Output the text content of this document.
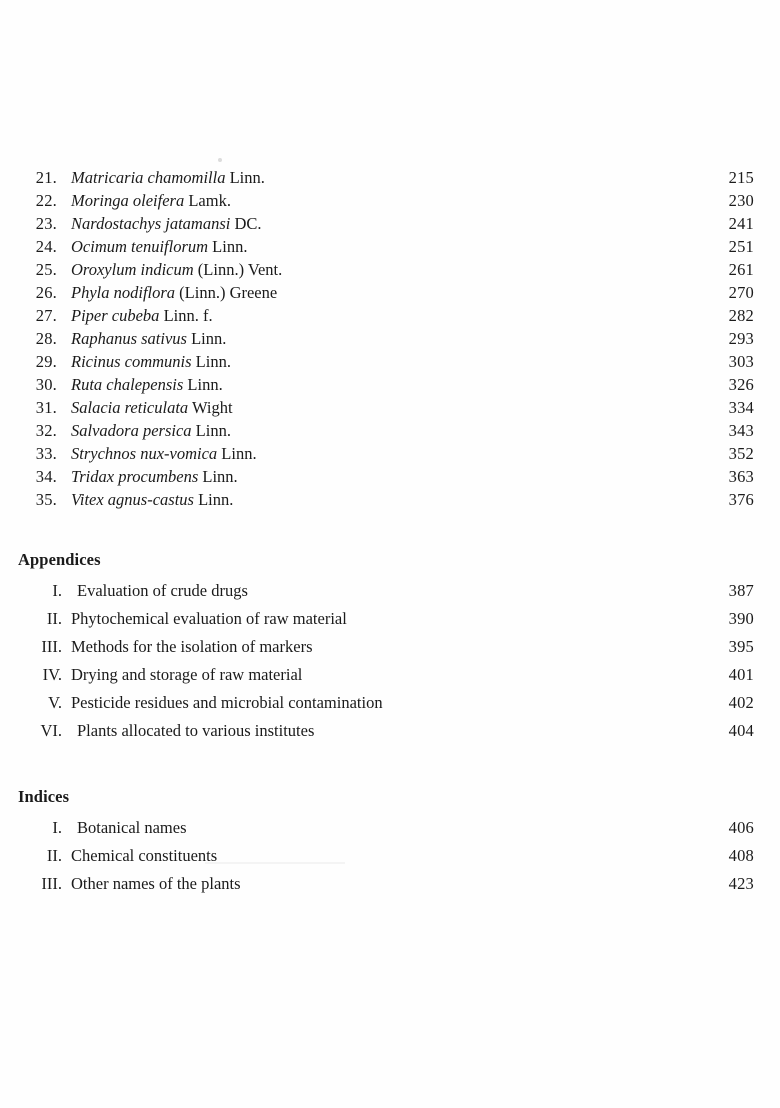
21. Matricaria chamomilla Linn.	215
22. Moringa oleifera Lamk.	230
23. Nardostachys jatamansi DC.	241
24. Ocimum tenuiflorum Linn.	251
25. Oroxylum indicum (Linn.) Vent.	261
26. Phyla nodiflora (Linn.) Greene	270
27. Piper cubeba Linn. f.	282
28. Raphanus sativus Linn.	293
29. Ricinus communis Linn.	303
30. Ruta chalepensis Linn.	326
31. Salacia reticulata Wight	334
32. Salvadora persica Linn.	343
33. Strychnos nux-vomica Linn.	352
34. Tridax procumbens Linn.	363
35. Vitex agnus-castus Linn.	376
Appendices
I. Evaluation of crude drugs	387
II. Phytochemical evaluation of raw material	390
III. Methods for the isolation of markers	395
IV. Drying and storage of raw material	401
V. Pesticide residues and microbial contamination	402
VI. Plants allocated to various institutes	404
Indices
I. Botanical names	406
II. Chemical constituents	408
III. Other names of the plants	423
